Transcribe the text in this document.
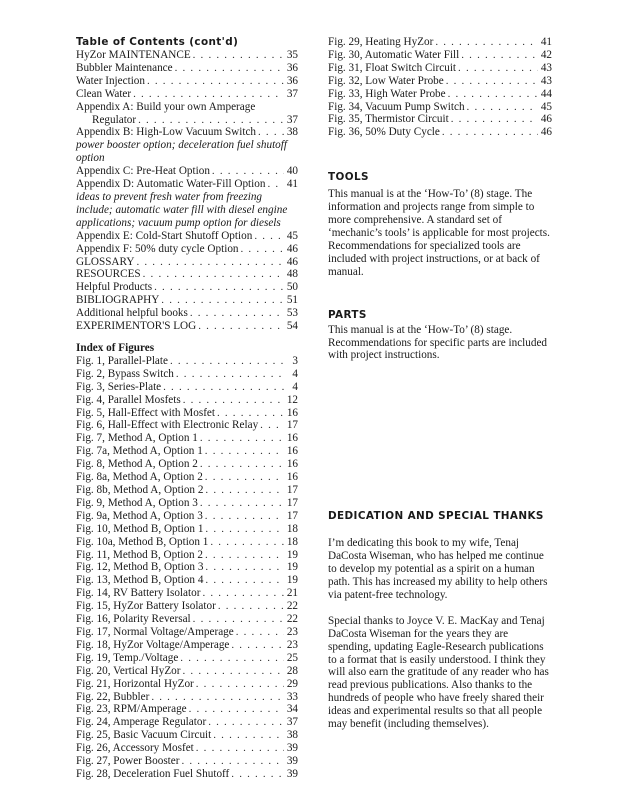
Table of Contents (cont'd)
HyZor MAINTENANCE . . .	35
Bubbler Maintenance . . .	36
Water Injection . . .	36
Clean Water . . .	37
Appendix A: Build your own Amperage
Regulator . . .	37
Appendix B: High-Low Vacuum Switch . . .	38
power booster option; deceleration fuel shutoff option
Appendix C: Pre-Heat Option . . .	40
Appendix D: Automatic Water-Fill Option . . . 41
ideas to prevent fresh water from freezing include; automatic water fill with diesel engine applications; vacuum pump option for diesels
Appendix E: Cold-Start Shutoff Option . . .	45
Appendix F: 50% duty cycle Option . . .	46
GLOSSARY . . .	46
RESOURCES . . .	48
Helpful Products . . .	50
BIBLIOGRAPHY . . .	51
Additional helpful books . . .	53
EXPERIMENTOR'S LOG . . .	54
Index of Figures
Fig. 1, Parallel-Plate . . .	3
Fig. 2, Bypass Switch . . .	4
Fig. 3, Series-Plate . . .	4
Fig. 4, Parallel Mosfets . . .	12
Fig. 5, Hall-Effect with Mosfet . . .	16
Fig. 6, Hall-Effect with Electronic Relay . . .	17
Fig. 7, Method A, Option 1 . . .	16
Fig. 7a, Method A, Option 1 . . .	16
Fig. 8, Method A, Option 2 . . .	16
Fig. 8a, Method A, Option 2 . . .	16
Fig. 8b, Method A, Option 2 . . .	17
Fig. 9, Method A, Option 3 . . .	17
Fig. 9a, Method A, Option 3 . . .	17
Fig. 10, Method B, Option 1 . . .	18
Fig. 10a, Method B, Option 1 . . .	18
Fig. 11, Method B, Option 2 . . .	19
Fig. 12, Method B, Option 3 . . .	19
Fig. 13, Method B, Option 4 . . .	19
Fig. 14, RV Battery Isolator . . .	21
Fig. 15, HyZor Battery Isolator . . .	22
Fig. 16, Polarity Reversal . . .	22
Fig. 17, Normal Voltage/Amperage . . .	23
Fig. 18, HyZor Voltage/Amperage . . .	23
Fig. 19, Temp./Voltage . . .	25
Fig. 20, Vertical HyZor . . .	28
Fig. 21, Horizontal HyZor . . .	29
Fig. 22, Bubbler . . .	33
Fig. 23, RPM/Amperage . . .	34
Fig. 24, Amperage Regulator . . .	37
Fig. 25, Basic Vacuum Circuit . . .	38
Fig. 26, Accessory Mosfet . . .	39
Fig. 27, Power Booster . . .	39
Fig. 28, Deceleration Fuel Shutoff . . .	39
Fig. 29, Heating HyZor . . .	41
Fig. 30, Automatic Water Fill . . .	42
Fig. 31, Float Switch Circuit . . .	43
Fig. 32, Low Water Probe . . .	43
Fig. 33, High Water Probe . . .	44
Fig. 34, Vacuum Pump Switch . . .	45
Fig. 35, Thermistor Circuit . . .	46
Fig. 36, 50% Duty Cycle . . .	46
TOOLS
This manual is at the ‘How-To’ (8) stage. The information and projects range from simple to more comprehensive. A standard set of ‘mechanic’s tools’ is applicable for most projects. Recommendations for specialized tools are included with project instructions, or at back of manual.
PARTS
This manual is at the ‘How-To’ (8) stage. Recommendations for specific parts are included with project instructions.
DEDICATION AND SPECIAL THANKS
I’m dedicating this book to my wife, Tenaj DaCosta Wiseman, who has helped me continue to develop my potential as a spirit on a human path. This has increased my ability to help others via patent-free technology.
Special thanks to Joyce V. E. MacKay and Tenaj DaCosta Wiseman for the years they are spending, updating Eagle-Research publications to a format that is easily understood. I think they will also earn the gratitude of any reader who has read previous publications. Also thanks to the hundreds of people who have freely shared their ideas and experimental results so that all people may benefit (including themselves).
